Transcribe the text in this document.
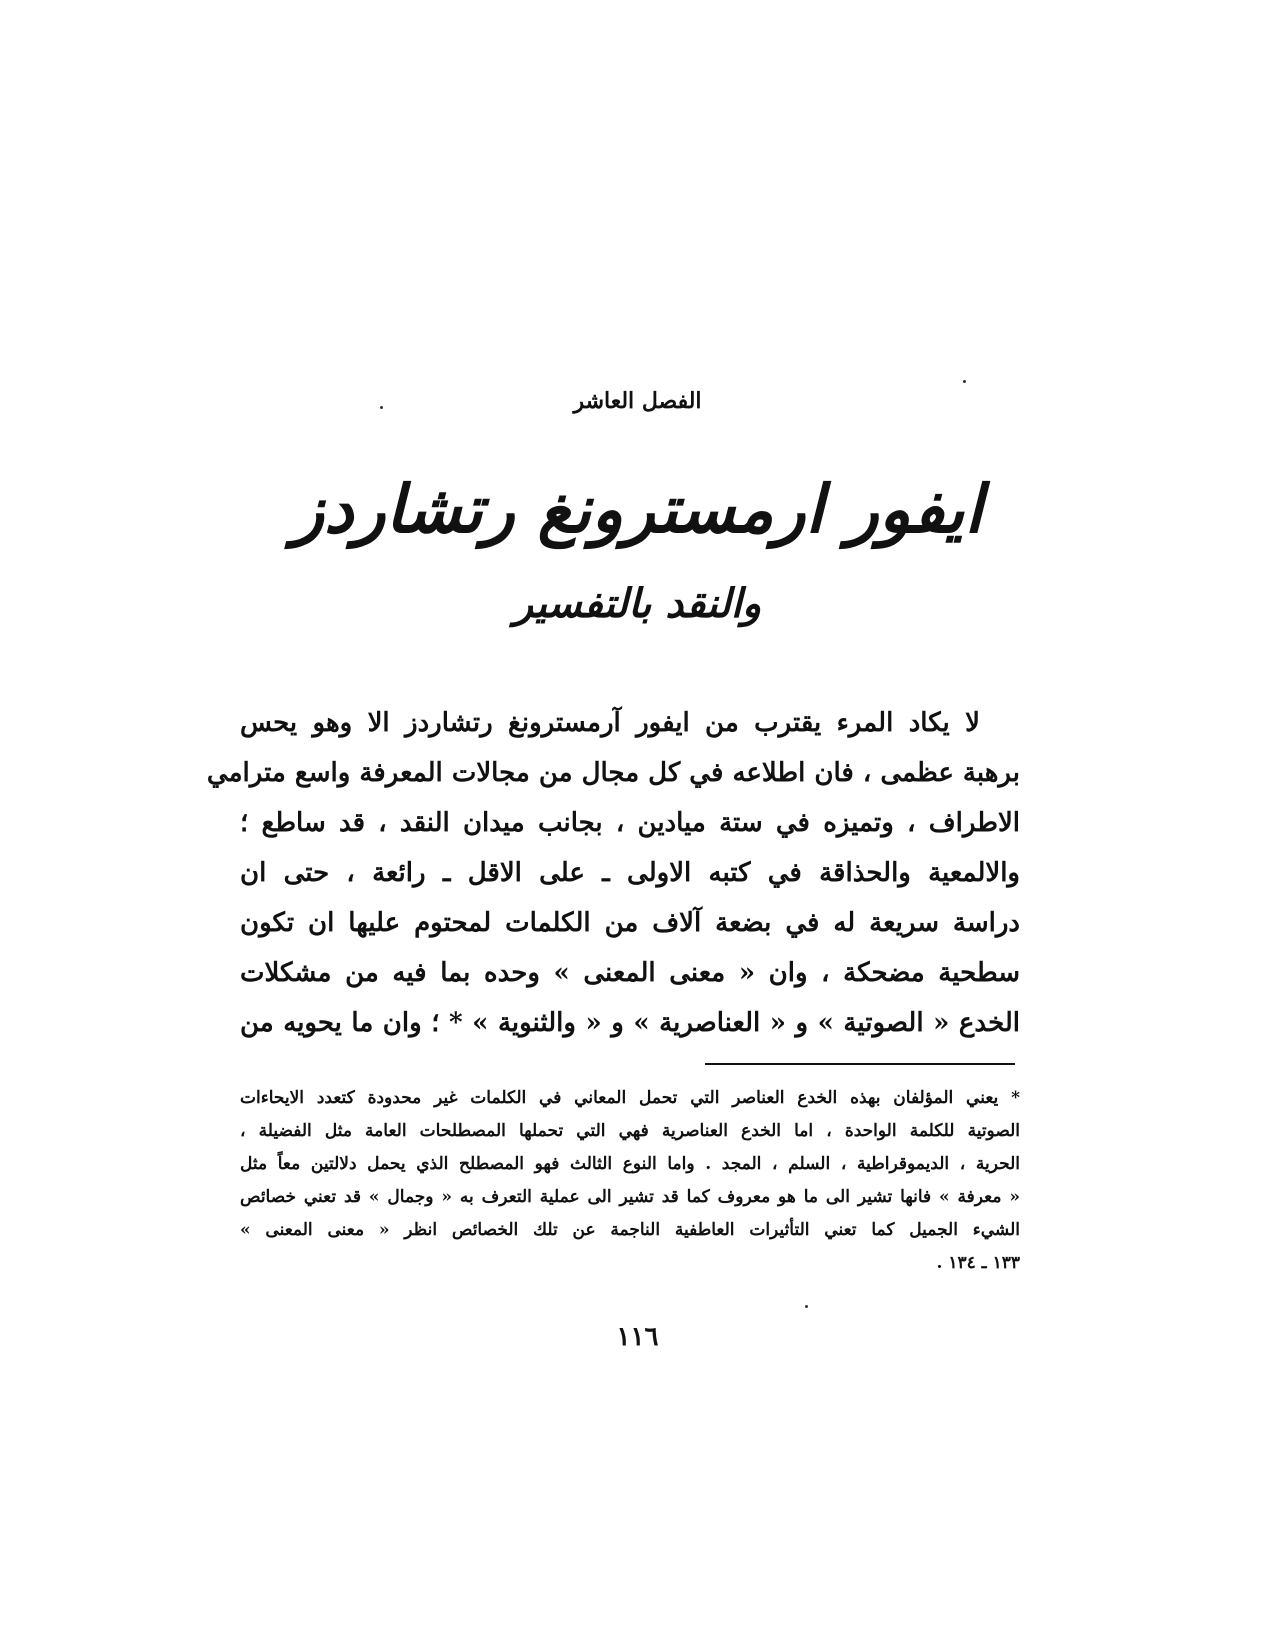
الفصل العاشر
ايفور ارمسترونغ رتشاردز
والنقد بالتفسير
لا يكاد المرء يقترب من ايفور آرمسترونغ رتشاردز الا وهو يحس
برهبة عظمى ، فان اطلاعه في كل مجال من مجالات المعرفة واسع مترامي
الاطراف ، وتميزه في ستة ميادين ، بجانب ميدان النقد ، قد ساطع ؛
والالمعية والحذاقة في كتبه الاولى ـ على الاقل ـ رائعة ، حتى ان
دراسة سريعة له في بضعة آلاف من الكلمات لمحتوم عليها ان تكون
سطحية مضحكة ، وان « معنى المعنى » وحده بما فيه من مشكلات
الخدع « الصوتية » و « العناصرية » و « والثنوية » * ؛ وان ما يحويه من
* يعني المؤلفان بهذه الخدع العناصر التي تحمل المعاني في الكلمات غير محدودة كتعدد الايحاءات
الصوتية للكلمة الواحدة ، اما الخدع العناصرية فهي التي تحملها المصطلحات العامة مثل الفضيلة ،
الحرية ، الديموقراطية ، السلم ، المجد . واما النوع الثالث فهو المصطلح الذي يحمل دلالتين معاً مثل
« معرفة » فانها تشير الى ما هو معروف كما قد تشير الى عملية التعرف به « وجمال » قد تعني خصائص
الشيء الجميل كما تعني التأثيرات العاطفية الناجمة عن تلك الخصائص انظر « معنى المعنى »
١٣٣ ـ ١٣٤ .
١١٦
